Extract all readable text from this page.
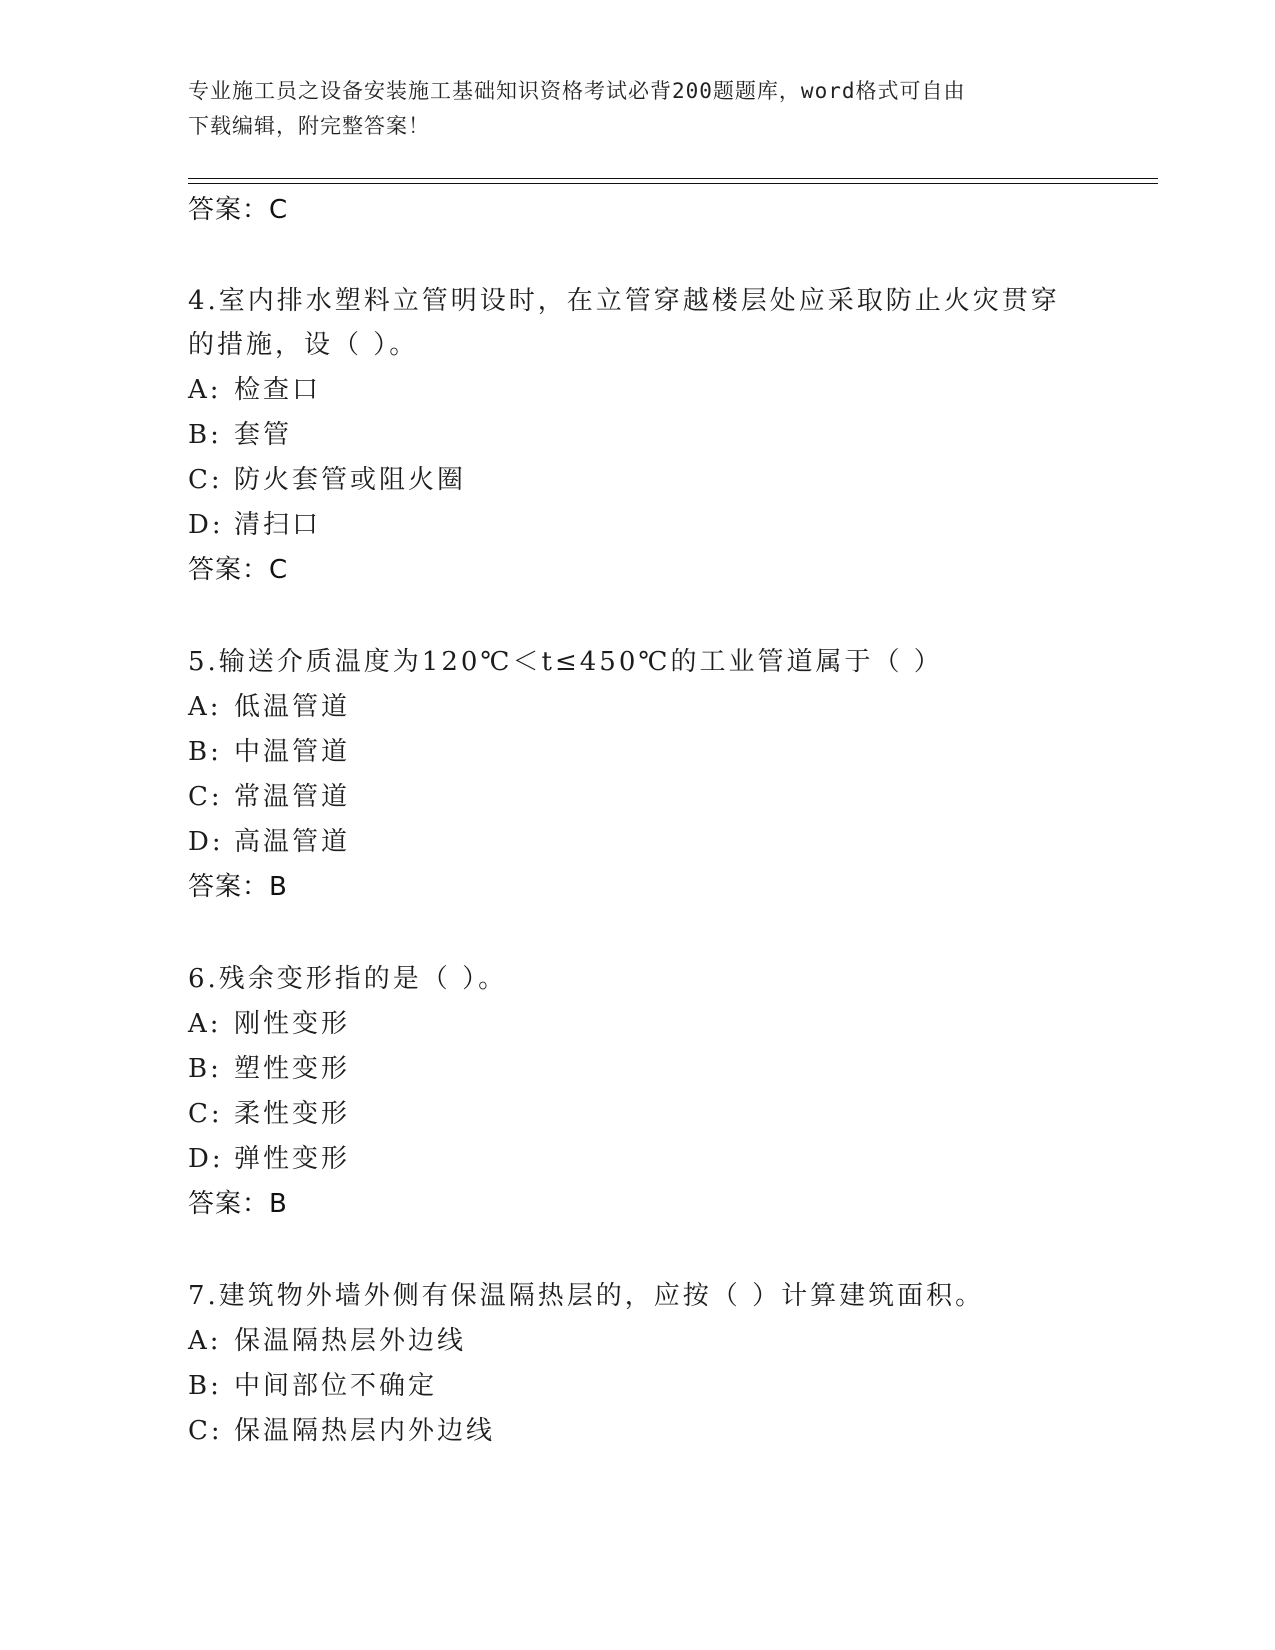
专业施工员之设备安装施工基础知识资格考试必背200题题库，word格式可自由
下载编辑，附完整答案！
答案：C
4.室内排水塑料立管明设时，在立管穿越楼层处应采取防止火灾贯穿
的措施，设（ ）。
A: 检查口
B: 套管
C: 防火套管或阻火圈
D: 清扫口
答案：C
5.输送介质温度为120℃＜t≤450℃的工业管道属于（ ）
A: 低温管道
B: 中温管道
C: 常温管道
D: 高温管道
答案：B
6.残余变形指的是（ ）。
A: 刚性变形
B: 塑性变形
C: 柔性变形
D: 弹性变形
答案：B
7.建筑物外墙外侧有保温隔热层的，应按（ ）计算建筑面积。
A: 保温隔热层外边线
B: 中间部位不确定
C: 保温隔热层内外边线
